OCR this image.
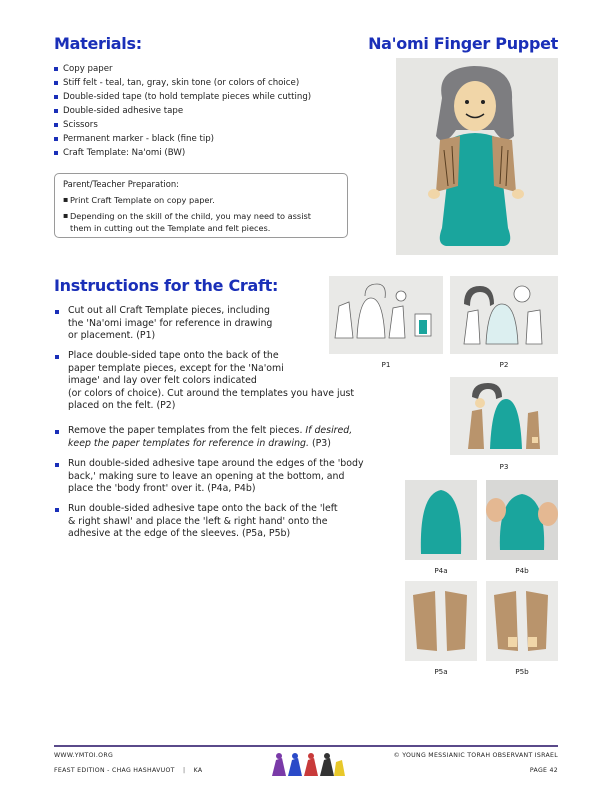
Materials:	Na'omi Finger Puppet
Copy paper
Stiff felt - teal, tan, gray, skin tone (or colors of choice)
Double-sided tape (to hold template pieces while cutting)
Double-sided adhesive tape
Scissors
Permanent marker - black (fine tip)
Craft Template: Na'omi (BW)
Parent/Teacher Preparation:
▪ Print Craft Template on copy paper.
▪ Depending on the skill of the child, you may need to assist
them in cutting out the Template and felt pieces.
Instructions for the Craft:
Cut out all Craft Template pieces, including
the 'Na'omi image' for reference in drawing
or placement. (P1)
Place double-sided tape onto the back of the
paper template pieces, except for the 'Na'omi
image' and lay over felt colors indicated
(or colors of choice). Cut around the templates you have just
placed on the felt. (P2)
Remove the paper templates from the felt pieces. If desired,
keep the paper templates for reference in drawing. (P3)
Run double-sided adhesive tape around the edges of the 'body
back,' making sure to leave an opening at the bottom, and
place the 'body front' over it. (P4a, P4b)
Run double-sided adhesive tape onto the back of the 'left
& right shawl' and place the 'left & right hand' onto the
adhesive at the edge of the sleeves. (P5a, P5b)
P1	P2
P3
P4a	P4b
P5a	P5b
WWW.YMTOI.ORG
FEAST EDITION - CHAG HASHAVUOT | KA
© YOUNG MESSIANIC TORAH OBSERVANT ISRAEL
PAGE 42
